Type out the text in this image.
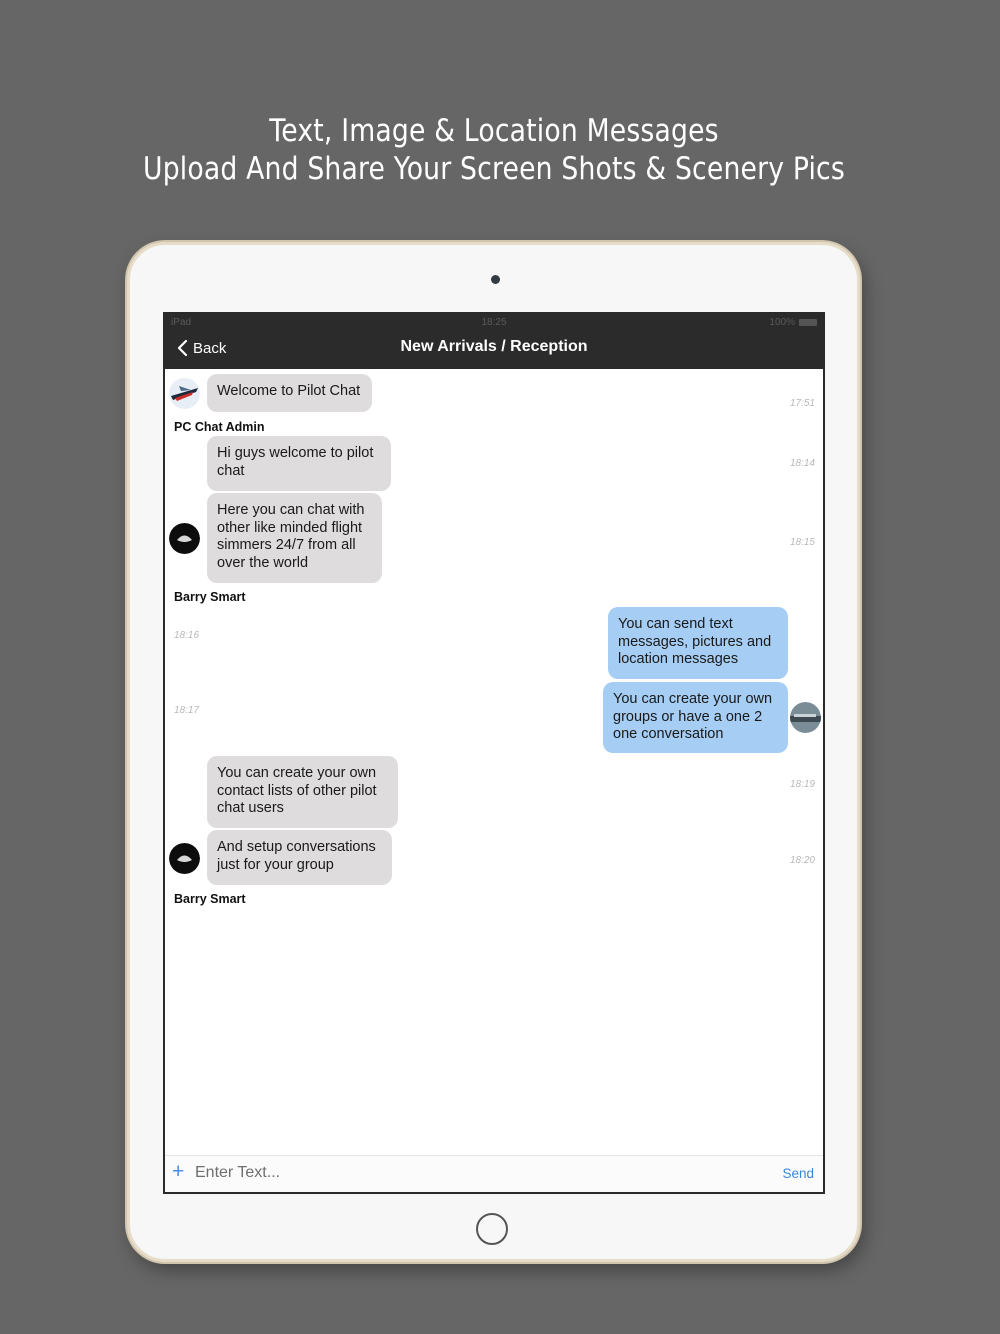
Text, Image & Location Messages
Upload And Share Your Screen Shots & Scenery Pics
iPad	18:25	100%
Back	New Arrivals / Reception
Welcome to Pilot Chat
17:51
PC Chat Admin
Hi guys welcome to pilot chat	18:14
Here you can chat with other like minded flight simmers 24/7 from all over the world
18:15
Barry Smart
18:16
You can send text messages, pictures and location messages
18:17
You can create your own groups or have a one 2 one conversation
You can create your own contact lists of other pilot chat users
18:19
And setup conversations just for your group	18:20
Barry Smart
+
Enter Text...	Send
